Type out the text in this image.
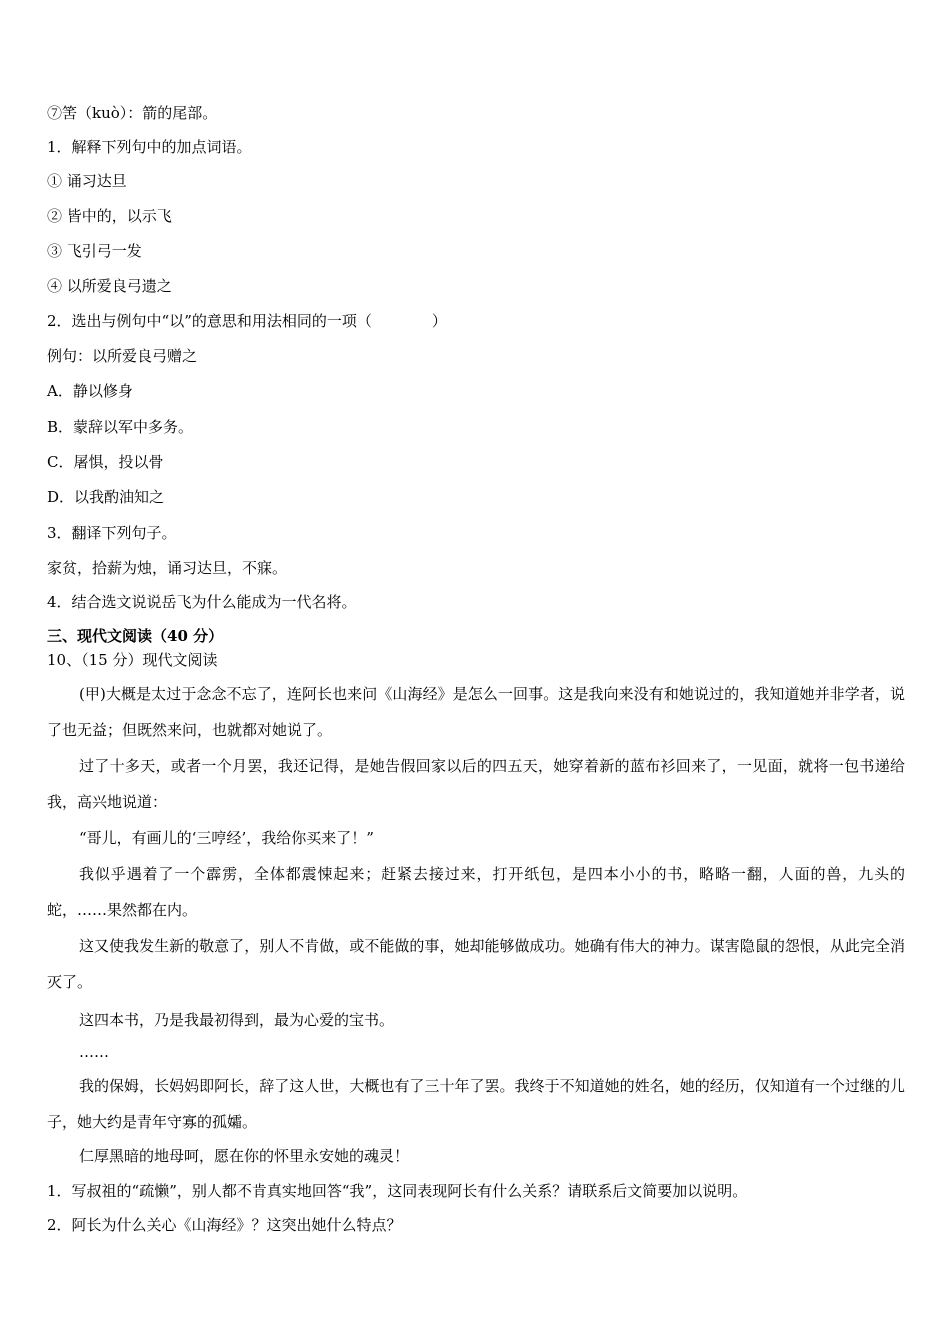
⑦筈（kuò）：箭的尾部。
1．解释下列句中的加点词语。
① 诵习达旦
② 皆中的，以示飞
③ 飞引弓一发
④ 以所爱良弓遗之
2．选出与例句中“以”的意思和用法相同的一项（　　　　）
例句：以所爱良弓赠之
A．静以修身
B．蒙辞以军中多务。
C．屠惧，投以骨
D．以我酌油知之
3．翻译下列句子。
家贫，拾薪为烛，诵习达旦，不寐。
4．结合选文说说岳飞为什么能成为一代名将。
三、现代文阅读（40 分）
10、（15 分）现代文阅读
(甲)大概是太过于念念不忘了，连阿长也来问《山海经》是怎么一回事。这是我向来没有和她说过的，我知道她并非学者，说了也无益；但既然来问，也就都对她说了。
过了十多天，或者一个月罢，我还记得，是她告假回家以后的四五天，她穿着新的蓝布衫回来了，一见面，就将一包书递给我，高兴地说道：
“哥儿，有画儿的‘三哼经’，我给你买来了！”
我似乎遇着了一个霹雳，全体都震悚起来；赶紧去接过来，打开纸包，是四本小小的书，略略一翻，人面的兽，九头的蛇，……果然都在内。
这又使我发生新的敬意了，别人不肯做，或不能做的事，她却能够做成功。她确有伟大的神力。谋害隐鼠的怨恨，从此完全消灭了。
这四本书，乃是我最初得到，最为心爱的宝书。
……
我的保姆，长妈妈即阿长，辞了这人世，大概也有了三十年了罢。我终于不知道她的姓名，她的经历，仅知道有一个过继的儿子，她大约是青年守寡的孤孀。
仁厚黑暗的地母呵，愿在你的怀里永安她的魂灵！
1．写叔祖的“疏懒”，别人都不肯真实地回答“我”，这同表现阿长有什么关系？请联系后文简要加以说明。
2．阿长为什么关心《山海经》？这突出她什么特点？
